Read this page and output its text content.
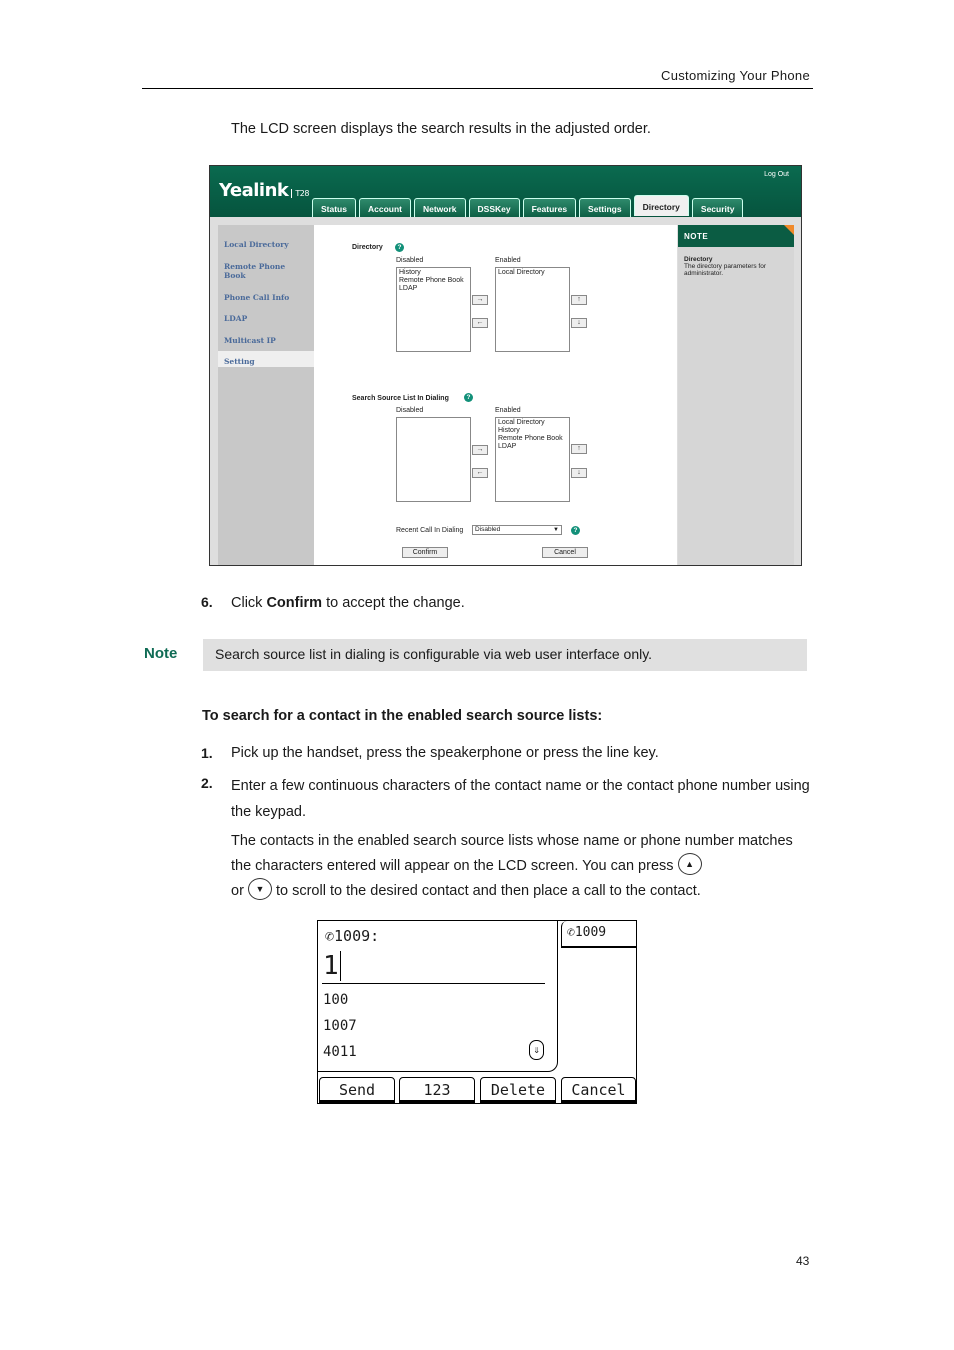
Customizing Your Phone
The LCD screen displays the search results in the adjusted order.
Yealink T28
Log Out
Status	Account	Network	DSSKey	Features	Settings	Directory	Security
Local Directory
Remote Phone Book
Phone Call Info
LDAP
Multicast IP
Setting
Directory	?
Disabled	Enabled
History
Remote Phone Book
LDAP
→
←
Local Directory
↑
↓
Search Source List In Dialing	?
Disabled	Enabled
→
←
Local Directory
History
Remote Phone Book
LDAP	↑
↓
Recent Call In Dialing	Disabled	▼	?
Confirm	Cancel
NOTE
Directory
The directory parameters for administrator.
6. Click Confirm to accept the change.
Note	Search source list in dialing is configurable via web user interface only.
To search for a contact in the enabled search source lists:
1. Pick up the handset, press the speakerphone or press the line key.
2. Enter a few continuous characters of the contact name or the contact phone number using the keypad.
The contacts in the enabled search source lists whose name or phone number matches the characters entered will appear on the LCD screen. You can press ▲
or ▼ to scroll to the desired contact and then place a call to the contact.
✆1009:
1
100
1007
4011	⇓
✆1009
Send	123	Delete	Cancel
43
